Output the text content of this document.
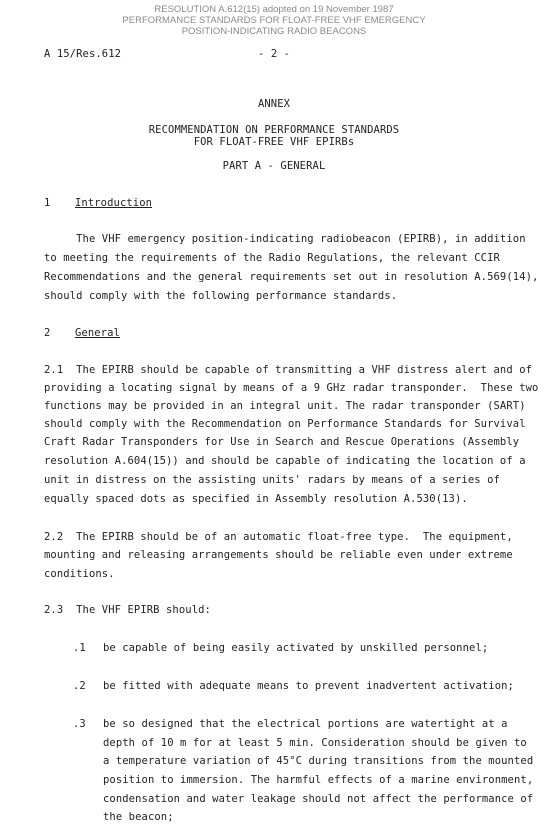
RESOLUTION A.612(15) adopted on 19 November 1987
PERFORMANCE STANDARDS FOR FLOAT-FREE VHF EMERGENCY
POSITION-INDICATING RADIO BEACONS
A 15/Res.612	- 2 -
ANNEX
RECOMMENDATION ON PERFORMANCE STANDARDS
FOR FLOAT-FREE VHF EPIRBs
PART A - GENERAL
1 Introduction
The VHF emergency position-indicating radiobeacon (EPIRB), in addition
to meeting the requirements of the Radio Regulations, the relevant CCIR
Recommendations and the general requirements set out in resolution A.569(14),
should comply with the following performance standards.
2 General
2.1  The EPIRB should be capable of transmitting a VHF distress alert and of
providing a locating signal by means of a 9 GHz radar transponder.  These two
functions may be provided in an integral unit. The radar transponder (SART)
should comply with the Recommendation on Performance Standards for Survival
Craft Radar Transponders for Use in Search and Rescue Operations (Assembly
resolution A.604(15)) and should be capable of indicating the location of a
unit in distress on the assisting units' radars by means of a series of
equally spaced dots as specified in Assembly resolution A.530(13).
2.2  The EPIRB should be of an automatic float-free type.  The equipment,
mounting and releasing arrangements should be reliable even under extreme
conditions.
2.3  The VHF EPIRB should:
.1 be capable of being easily activated by unskilled personnel;
.2 be fitted with adequate means to prevent inadvertent activation;
.3 be so designed that the electrical portions are watertight at a
depth of 10 m for at least 5 min. Consideration should be given to
a temperature variation of 45°C during transitions from the mounted
position to immersion. The harmful effects of a marine environment,
condensation and water leakage should not affect the performance of
the beacon;
